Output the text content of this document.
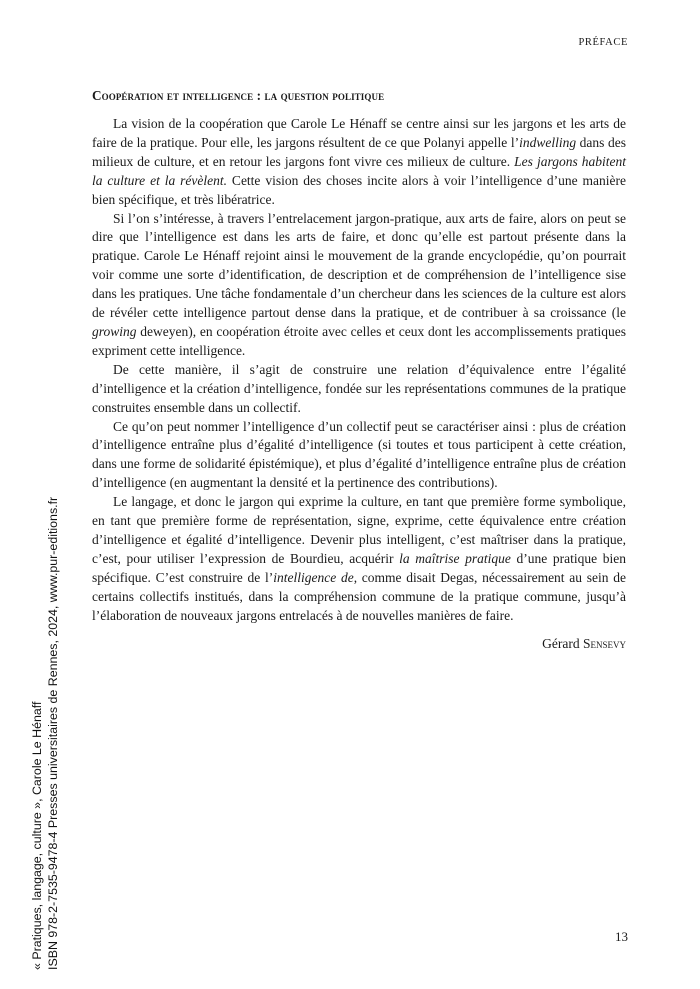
PRÉFACE
Coopération et intelligence : la question politique

La vision de la coopération que Carole Le Hénaff se centre ainsi sur les jargons et les arts de faire de la pratique. Pour elle, les jargons résultent de ce que Polanyi appelle l’indwelling dans des milieux de culture, et en retour les jargons font vivre ces milieux de culture. Les jargons habitent la culture et la révèlent. Cette vision des choses incite alors à voir l’intelligence d’une manière bien spécifique, et très libératrice.

Si l’on s’intéresse, à travers l’entrelacement jargon-pratique, aux arts de faire, alors on peut se dire que l’intelligence est dans les arts de faire, et donc qu’elle est partout présente dans la pratique. Carole Le Hénaff rejoint ainsi le mouvement de la grande encyclopédie, qu’on pourrait voir comme une sorte d’identification, de description et de compréhension de l’intelligence sise dans les pratiques. Une tâche fondamentale d’un chercheur dans les sciences de la culture est alors de révéler cette intelligence partout dense dans la pratique, et de contribuer à sa croissance (le growing deweyen), en coopération étroite avec celles et ceux dont les accomplissements pratiques expriment cette intelligence.

De cette manière, il s’agit de construire une relation d’équivalence entre l’égalité d’intelligence et la création d’intelligence, fondée sur les représentations communes de la pratique construites ensemble dans un collectif.

Ce qu’on peut nommer l’intelligence d’un collectif peut se caractériser ainsi : plus de création d’intelligence entraîne plus d’égalité d’intelligence (si toutes et tous participent à cette création, dans une forme de solidarité épistémique), et plus d’égalité d’intelligence entraîne plus de création d’intelligence (en augmentant la densité et la pertinence des contributions).

Le langage, et donc le jargon qui exprime la culture, en tant que première forme symbolique, en tant que première forme de représentation, signe, exprime, cette équivalence entre création d’intelligence et égalité d’intelligence. Devenir plus intelligent, c’est maîtriser dans la pratique, c’est, pour utiliser l’expression de Bourdieu, acquérir la maîtrise pratique d’une pratique bien spécifique. C’est construire de l’intelligence de, comme disait Degas, nécessairement au sein de certains collectifs institués, dans la compréhension commune de la pratique commune, jusqu’à l’élaboration de nouveaux jargons entrelacés à de nouvelles manières de faire.

Gérard Sensevy
« Pratiques, langage, culture », Carole Le Hénaff ISBN 978-2-7535-9478-4 Presses universitaires de Rennes, 2024, www.pur-editions.fr	13
